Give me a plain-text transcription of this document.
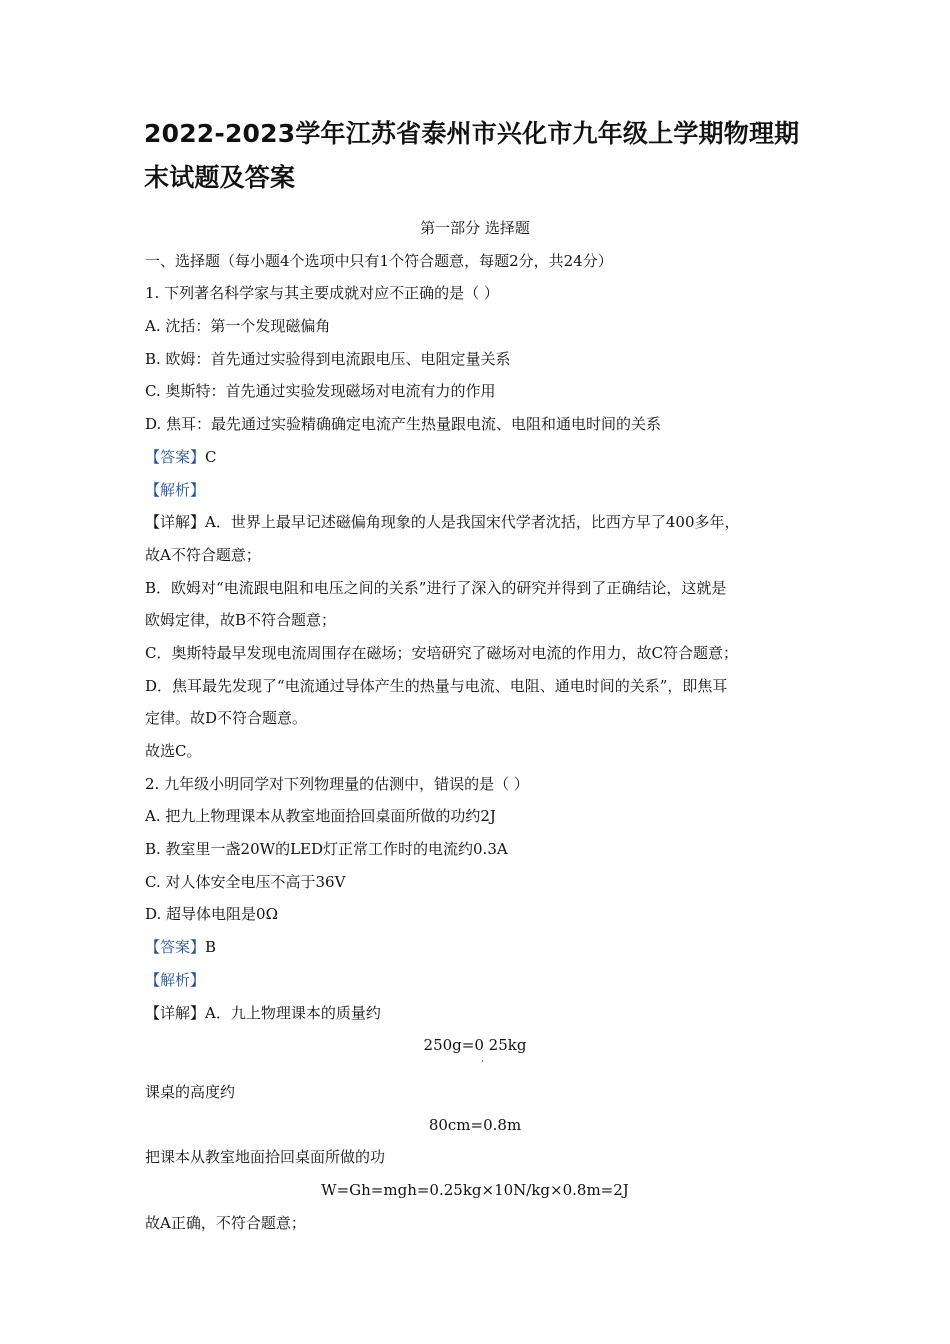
2022-2023学年江苏省泰州市兴化市九年级上学期物理期末试题及答案
第一部分 选择题
一、选择题（每小题4个选项中只有1个符合题意，每题2分，共24分）
1. 下列著名科学家与其主要成就对应不正确的是（ ）
A. 沈括：第一个发现磁偏角
B. 欧姆：首先通过实验得到电流跟电压、电阻定量关系
C. 奥斯特：首先通过实验发现磁场对电流有力的作用
D. 焦耳：最先通过实验精确确定电流产生热量跟电流、电阻和通电时间的关系
【答案】C
【解析】
【详解】A．世界上最早记述磁偏角现象的人是我国宋代学者沈括，比西方早了400多年，
故A不符合题意；
B．欧姆对“电流跟电阻和电压之间的关系”进行了深入的研究并得到了正确结论，这就是
欧姆定律，故B不符合题意；
C．奥斯特最早发现电流周围存在磁场；安培研究了磁场对电流的作用力，故C符合题意；
D．焦耳最先发现了“电流通过导体产生的热量与电流、电阻、通电时间的关系”，即焦耳
定律。故D不符合题意。
故选C。
2. 九年级小明同学对下列物理量的估测中，错误的是（ ）
A. 把九上物理课本从教室地面拾回桌面所做的功约2J
B. 教室里一盏20W的LED灯正常工作时的电流约0.3A
C. 对人体安全电压不高于36V
D. 超导体电阻是0Ω
【答案】B
【解析】
【详解】A．九上物理课本的质量约
250g=0 25kg
,
课桌的高度约
80cm=0.8m
把课本从教室地面拾回桌面所做的功
W=Gh=mgh=0.25kg×10N/kg×0.8m=2J
故A正确，不符合题意；
